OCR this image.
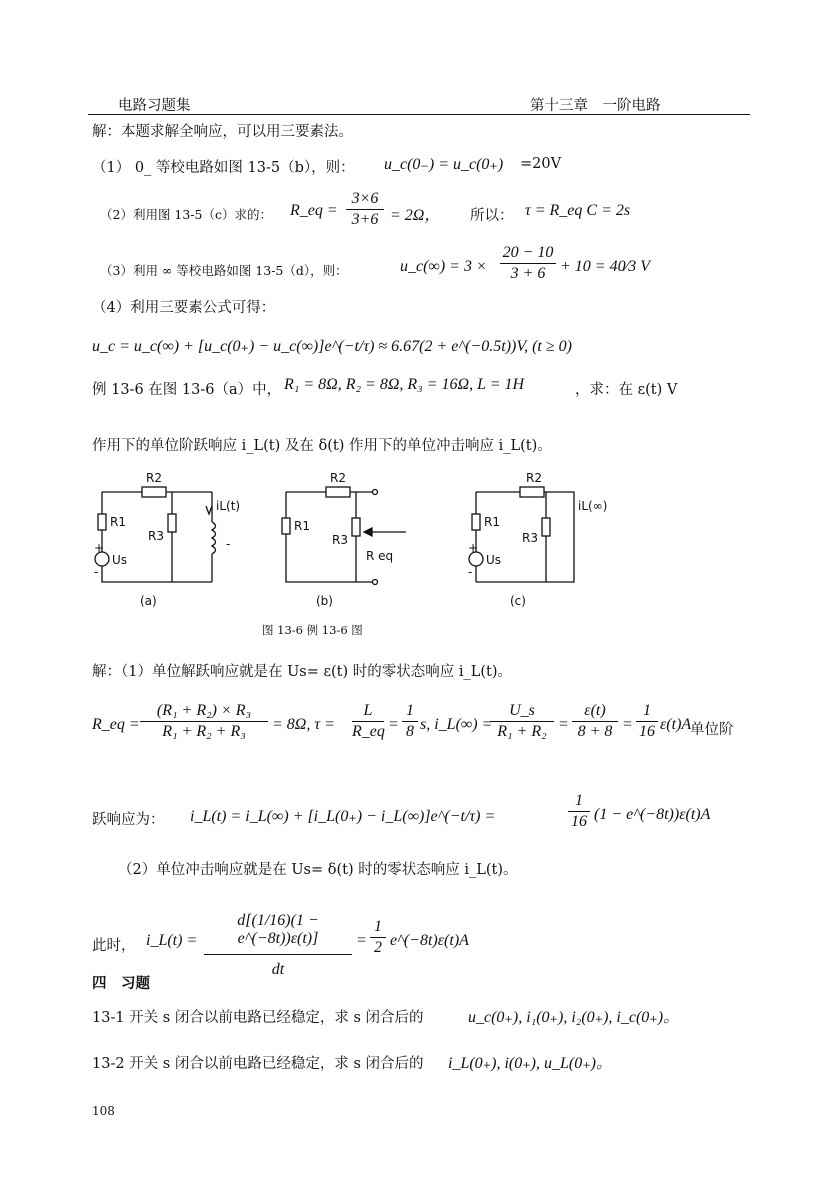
电路习题集	第十三章　一阶电路
解：本题求解全响应，可以用三要素法。
（1） 0_ 等校电路如图 13-5（b），则： u_c(0₋) = u_c(0₊) =20V
（2）利用图 13-5（c）求的： R_eq = $\frac{3\times 6}{3+6} = 2\Omega$， 所以： τ = R_eq C = 2s
（3）利用 ∞ 等校电路如图 13-5（d），则：	u_c(∞) = $3 \times \frac{20 - 10}{3 + 6} + 10$ = 40⁄3 V
（4）利用三要素公式可得：
u_c = u_c(∞) + [u_c(0₊) − u_c(∞)]e^(−t/τ) ≈ 6.67(2 + e^(−0.5t))V, (t ≥ 0)
例 13-6 在图 13-6（a）中， R₁ = 8Ω, R₂ = 8Ω, R₃ = 16Ω, L = 1H	，求：在 ε(t) V
作用下的单位阶跃响应 i_L(t) 及在 δ(t) 作用下的单位冲击响应 i_L(t)。
R2
R1
R3
iL(t)
+
Us
-
-
(a)
R2
R1
R3
R eq
(b)
R2
R1
R3
iL(∞)
+
Us
-
(c)
图 13-6 例 13-6 图
解：（1）单位解跃响应就是在 Us= ε(t) 时的零状态响应 i_L(t)。
R_eq = $\frac{\text{(R₁ + R₂) × R₃}}{\text{R₁ + R₂ + R₃}} = 8\Omega$, $\tau = \frac{L}{R\_eq} = \frac{1}{8} s$, i_L(∞) =
$\frac{U\_s}{\text{R₁ + R₂}} = \frac{\varepsilon(t)}{8 + 8} = \frac{1}{16} \varepsilon(t)A$
单位阶
跃响应为： i_L(t) = i_L(∞) + [i_L(0₊) − i_L(∞)]e^(−t/τ) =	$\frac{1}{16} (1$ − e^(−8t))ε(t)A
（2）单位冲击响应就是在 Us= δ(t) 时的零状态响应 i_L(t)。
此时， i_L(t) = $\frac{d[(1/16)(1 - e\^{}(-8t))\varepsilon(t)]}{dt} = \frac{1}{2}$ e^(−8t)ε(t)A
四　习题
13-1 开关 s 闭合以前电路已经稳定，求 s 闭合后的	u_c(0₊), i₁(0₊), i₂(0₊), i_c(0₊)。
13-2 开关 s 闭合以前电路已经稳定，求 s 闭合后的 i_L(0₊), i(0₊), u_L(0₊)。
108
